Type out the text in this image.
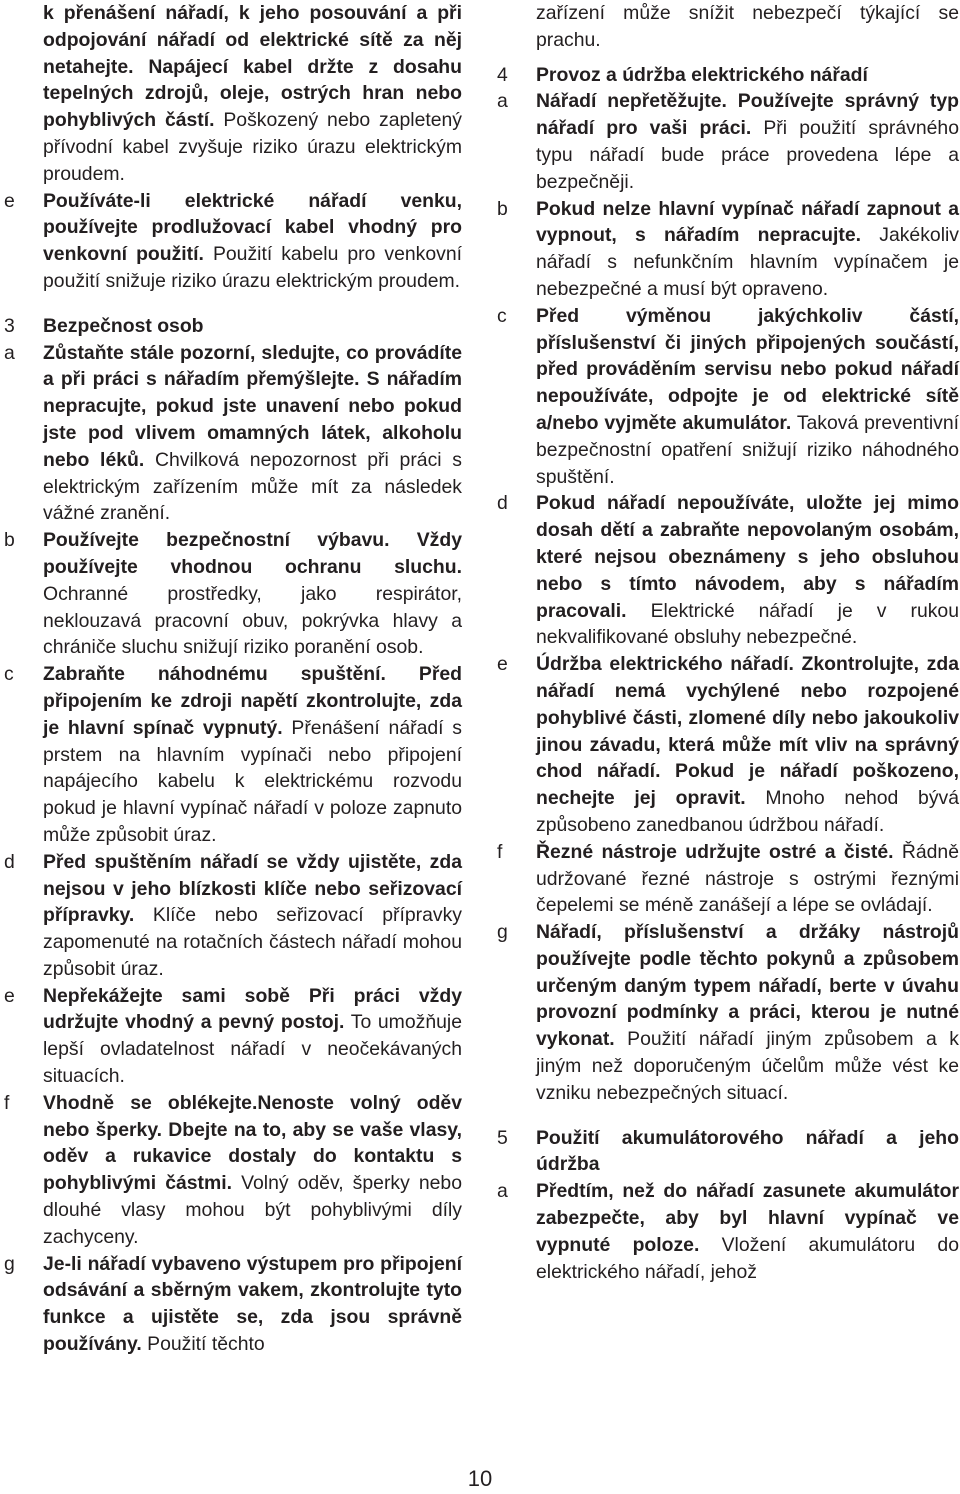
k přenášení nářadí, k jeho posouvání a při odpojování nářadí od elektrické sítě za něj netahejte. Napájecí kabel držte z dosahu tepelných zdrojů, oleje, ostrých hran nebo pohyblivých částí. Poškozený nebo zapletený přívodní kabel zvyšuje riziko úrazu elektrickým proudem.
e	Používáte-li elektrické nářadí venku, používejte prodlužovací kabel vhodný pro venkovní použití. Použití kabelu pro venkovní použití snižuje riziko úrazu elektrickým proudem.
3	Bezpečnost osob
a	Zůstaňte stále pozorní, sledujte, co provádíte a při práci s nářadím přemýšlejte. S nářadím nepracujte, pokud jste unavení nebo pokud jste pod vlivem omamných látek, alkoholu nebo léků. Chvilková nepozornost při práci s elektrickým zařízením může mít za následek vážné zranění.
b	Používejte bezpečnostní výbavu. Vždy používejte vhodnou ochranu sluchu. Ochranné prostředky, jako respirátor, neklouzavá pracovní obuv, pokrývka hlavy a chrániče sluchu snižují riziko poranění osob.
c	Zabraňte náhodnému spuštění. Před připojením ke zdroji napětí zkontrolujte, zda je hlavní spínač vypnutý. Přenášení nářadí s prstem na hlavním vypínači nebo připojení napájecího kabelu k elektrickému rozvodu pokud je hlavní vypínač nářadí v poloze zapnuto může způsobit úraz.
d	Před spuštěním nářadí se vždy ujistěte, zda nejsou v jeho blízkosti klíče nebo seřizovací přípravky. Klíče nebo seřizovací přípravky zapomenuté na rotačních částech nářadí mohou způsobit úraz.
e	Nepřekážejte sami sobě Při práci vždy udržujte vhodný a pevný postoj. To umožňuje lepší ovladatelnost nářadí v neočekávaných situacích.
f	Vhodně se oblékejte.Nenoste volný oděv nebo šperky. Dbejte na to, aby se vaše vlasy, oděv a rukavice dostaly do kontaktu s pohyblivými částmi. Volný oděv, šperky nebo dlouhé vlasy mohou být pohyblivými díly zachyceny.
g	Je-li nářadí vybaveno výstupem pro připojení odsávání a sběrným vakem, zkontrolujte tyto funkce a ujistěte se, zda jsou správně používány. Použití těchto
zařízení může snížit nebezpečí týkající se prachu.
4	Provoz a údržba elektrického nářadí
a	Nářadí nepřetěžujte. Používejte správný typ nářadí pro vaši práci. Při použití správného typu nářadí bude práce provedena lépe a bezpečněji.
b	Pokud nelze hlavní vypínač nářadí zapnout a vypnout, s nářadím nepracujte. Jakékoliv nářadí s nefunkčním hlavním vypínačem je nebezpečné a musí být opraveno.
c	Před výměnou jakýchkoliv částí, příslušenství či jiných připojených součástí, před prováděním servisu nebo pokud nářadí nepoužíváte, odpojte je od elektrické sítě a/nebo vyjměte akumulátor. Taková preventivní bezpečnostní opatření snižují riziko náhodného spuštění.
d	Pokud nářadí nepoužíváte, uložte jej mimo dosah dětí a zabraňte nepovolaným osobám, které nejsou obeznámeny s jeho obsluhou nebo s tímto návodem, aby s nářadím pracovali. Elektrické nářadí je v rukou nekvalifikované obsluhy nebezpečné.
e	Údržba elektrického nářadí. Zkontrolujte, zda nářadí nemá vychýlené nebo rozpojené pohyblivé části, zlomené díly nebo jakoukoliv jinou závadu, která může mít vliv na správný chod nářadí. Pokud je nářadí poškozeno, nechejte jej opravit. Mnoho nehod bývá způsobeno zanedbanou údržbou nářadí.
f	Řezné nástroje udržujte ostré a čisté. Řádně udržované řezné nástroje s ostrými řeznými čepelemi se méně zanášejí a lépe se ovládají.
g	Nářadí, příslušenství a držáky nástrojů používejte podle těchto pokynů a způsobem určeným daným typem nářadí, berte v úvahu provozní podmínky a práci, kterou je nutné vykonat. Použití nářadí jiným způsobem a k jiným než doporučeným účelům může vést ke vzniku nebezpečných situací.
5	Použití akumulátorového nářadí a jeho údržba
a	Předtím, než do nářadí zasunete akumulátor zabezpečte, aby byl hlavní vypínač ve vypnuté poloze. Vložení akumulátoru do elektrického nářadí, jehož
10
